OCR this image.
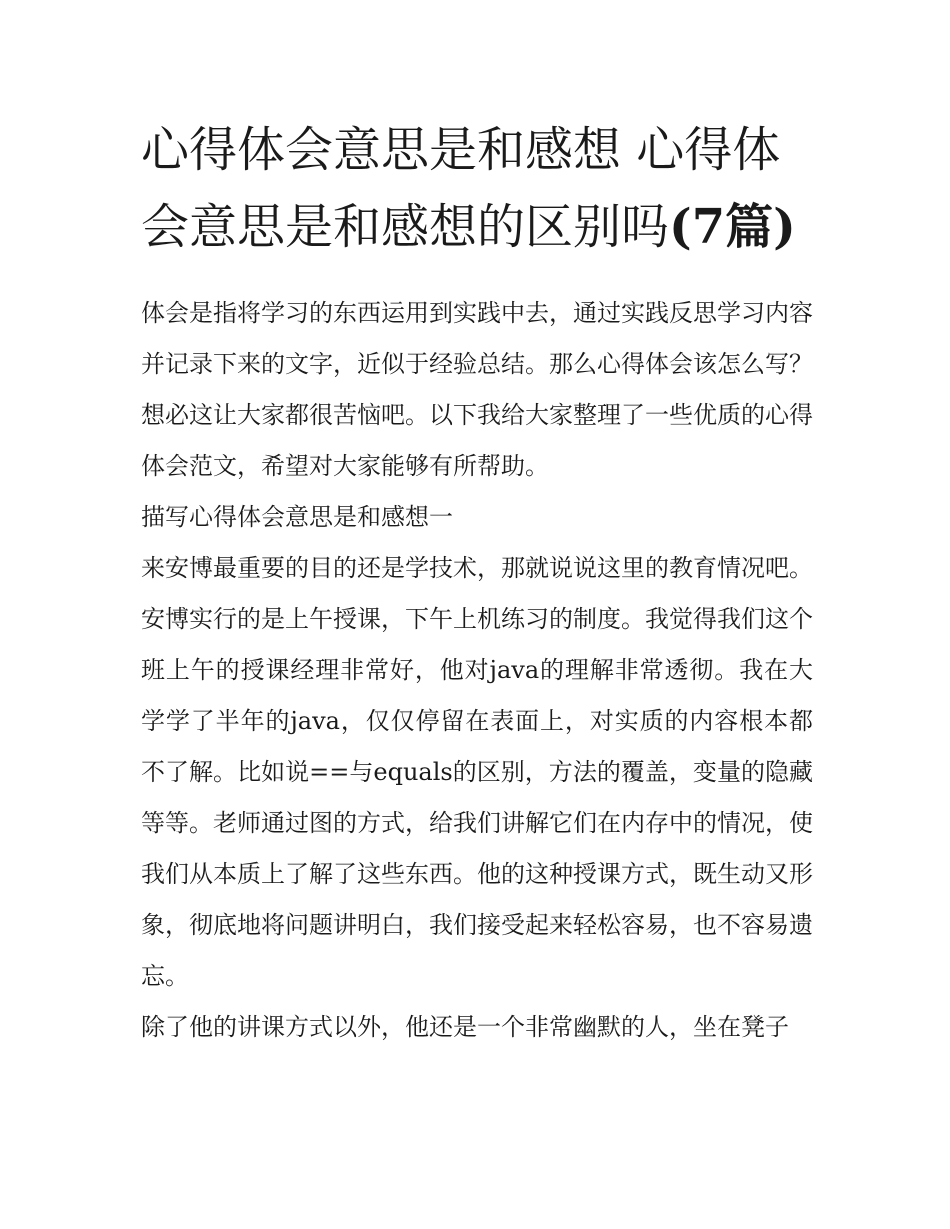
心得体会意思是和感想 心得体会意思是和感想的区别吗(7篇)

体会是指将学习的东西运用到实践中去，通过实践反思学习内容并记录下来的文字，近似于经验总结。那么心得体会该怎么写？想必这让大家都很苦恼吧。以下我给大家整理了一些优质的心得体会范文，希望对大家能够有所帮助。

描写心得体会意思是和感想一

来安博最重要的目的还是学技术，那就说说这里的教育情况吧。安博实行的是上午授课，下午上机练习的制度。我觉得我们这个班上午的授课经理非常好，他对java的理解非常透彻。我在大学学了半年的java，仅仅停留在表面上，对实质的内容根本都不了解。比如说==与equals的区别，方法的覆盖，变量的隐藏等等。老师通过图的方式，给我们讲解它们在内存中的情况，使我们从本质上了解了这些东西。他的这种授课方式，既生动又形象，彻底地将问题讲明白，我们接受起来轻松容易，也不容易遗忘。

除了他的讲课方式以外，他还是一个非常幽默的人，坐在凳子
